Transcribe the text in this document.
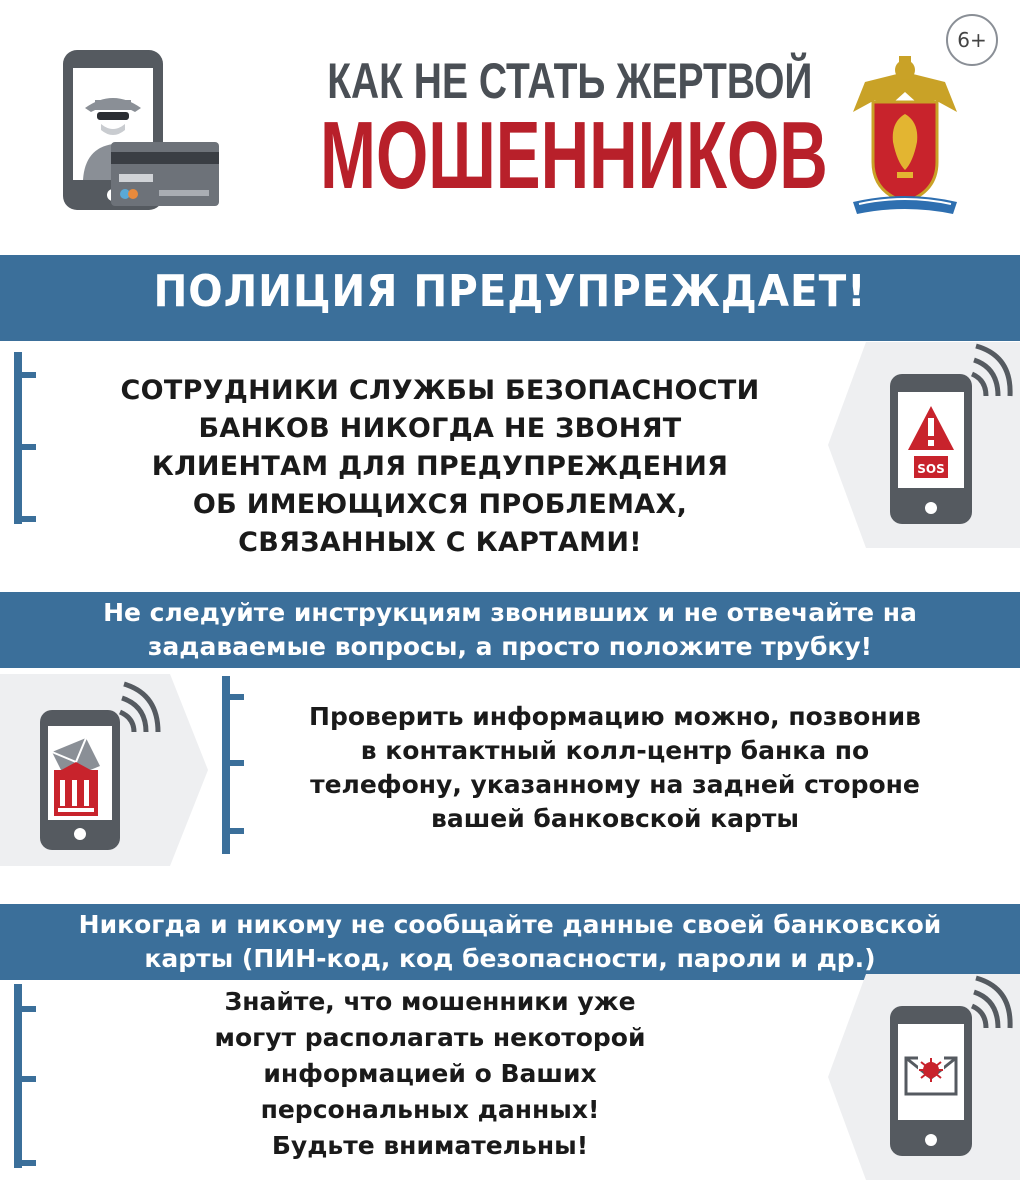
6+
КАК НЕ СТАТЬ ЖЕРТВОЙ
МОШЕННИКОВ
ПОЛИЦИЯ ПРЕДУПРЕЖДАЕТ!
СОТРУДНИКИ СЛУЖБЫ БЕЗОПАСНОСТИ
БАНКОВ НИКОГДА НЕ ЗВОНЯТ
КЛИЕНТАМ ДЛЯ ПРЕДУПРЕЖДЕНИЯ
ОБ ИМЕЮЩИХСЯ ПРОБЛЕМАХ,
СВЯЗАННЫХ С КАРТАМИ!
SOS
Не следуйте инструкциям звонивших и не отвечайте на
задаваемые вопросы, а просто положите трубку!
Проверить информацию можно, позвонив
в контактный колл-центр банка по
телефону, указанному на задней стороне
вашей банковской карты
Никогда и никому не сообщайте данные своей банковской
карты (ПИН-код, код безопасности, пароли и др.)
Знайте, что мошенники уже
могут располагать некоторой
информацией о Ваших
персональных данных!
Будьте внимательны!
